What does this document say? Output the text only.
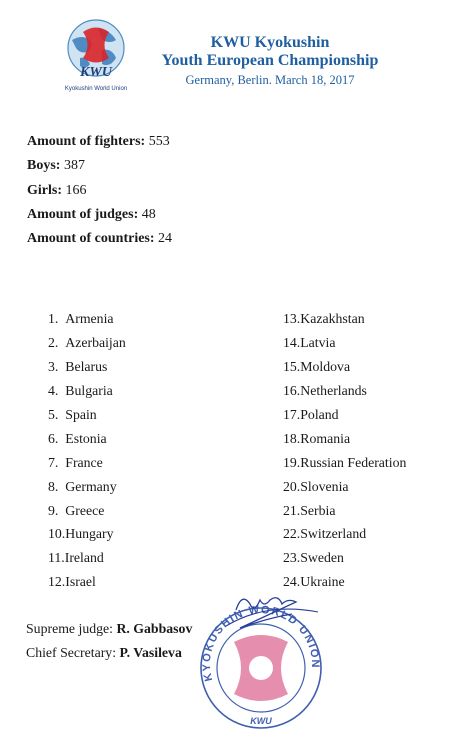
KWU
Kyokushin World Union
KWU Kyokushin
Youth European Championship
Germany, Berlin. March 18, 2017
Amount of fighters: 553
Boys: 387
Girls: 166
Amount of judges: 48
Amount of countries: 24
1. Armenia
2. Azerbaijan
3. Belarus
4. Bulgaria
5. Spain
6. Estonia
7. France
8. Germany
9. Greece
10.Hungary
11.Ireland
12.Israel
13.Kazakhstan
14.Latvia
15.Moldova
16.Netherlands
17.Poland
18.Romania
19.Russian Federation
20.Slovenia
21.Serbia
22.Switzerland
23.Sweden
24.Ukraine
Supreme judge: R. Gabbasov
Chief Secretary: P. Vasileva
KYOKUSHIN WORLD UNION
KWU
